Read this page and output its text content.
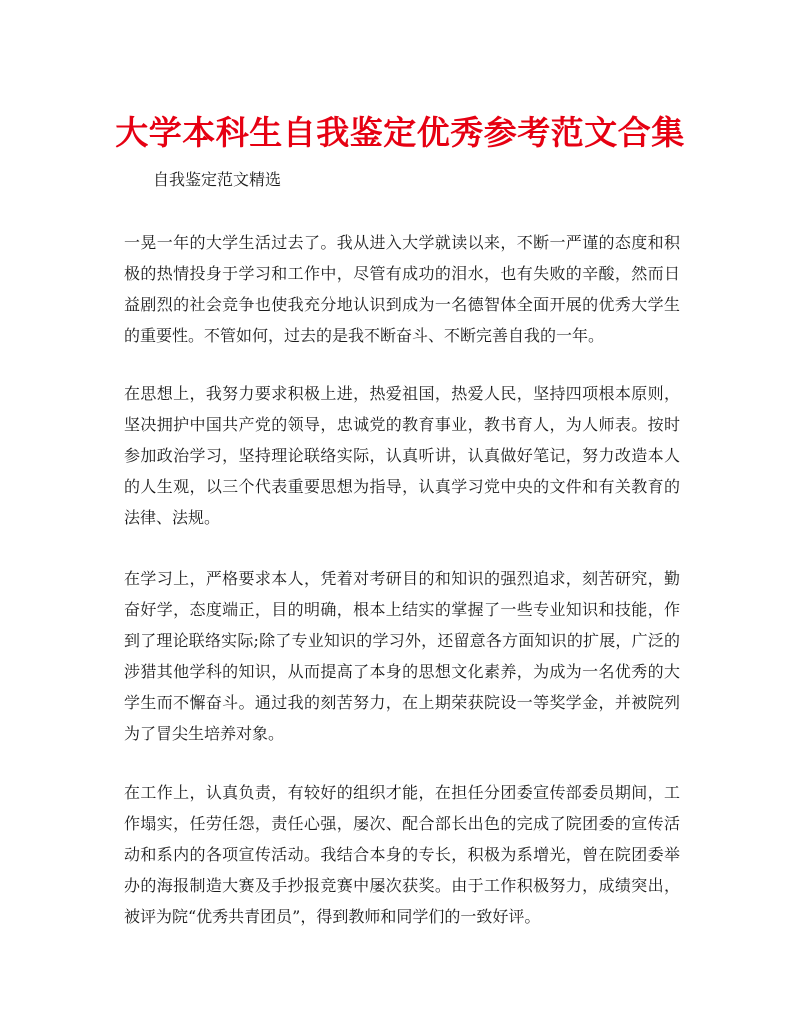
大学本科生自我鉴定优秀参考范文合集

自我鉴定范文精选

一晃一年的大学生活过去了。我从进入大学就读以来，不断一严谨的态度和积极的热情投身于学习和工作中，尽管有成功的泪水，也有失败的辛酸，然而日益剧烈的社会竞争也使我充分地认识到成为一名德智体全面开展的优秀大学生的重要性。不管如何，过去的是我不断奋斗、不断完善自我的一年。

在思想上，我努力要求积极上进，热爱祖国，热爱人民，坚持四项根本原则，坚决拥护中国共产党的领导，忠诚党的教育事业，教书育人，为人师表。按时参加政治学习，坚持理论联络实际，认真听讲，认真做好笔记，努力改造本人的人生观，以三个代表重要思想为指导，认真学习党中央的文件和有关教育的法律、法规。

在学习上，严格要求本人，凭着对考研目的和知识的强烈追求，刻苦研究，勤奋好学，态度端正，目的明确，根本上结实的掌握了一些专业知识和技能，作到了理论联络实际;除了专业知识的学习外，还留意各方面知识的扩展，广泛的涉猎其他学科的知识，从而提高了本身的思想文化素养，为成为一名优秀的大学生而不懈奋斗。通过我的刻苦努力，在上期荣获院设一等奖学金，并被院列为了冒尖生培养对象。

在工作上，认真负责，有较好的组织才能，在担任分团委宣传部委员期间，工作塌实，任劳任怨，责任心强，屡次、配合部长出色的完成了院团委的宣传活动和系内的各项宣传活动。我结合本身的专长，积极为系增光，曾在院团委举办的海报制造大赛及手抄报竞赛中屡次获奖。由于工作积极努力，成绩突出，被评为院“优秀共青团员”，得到教师和同学们的一致好评。
